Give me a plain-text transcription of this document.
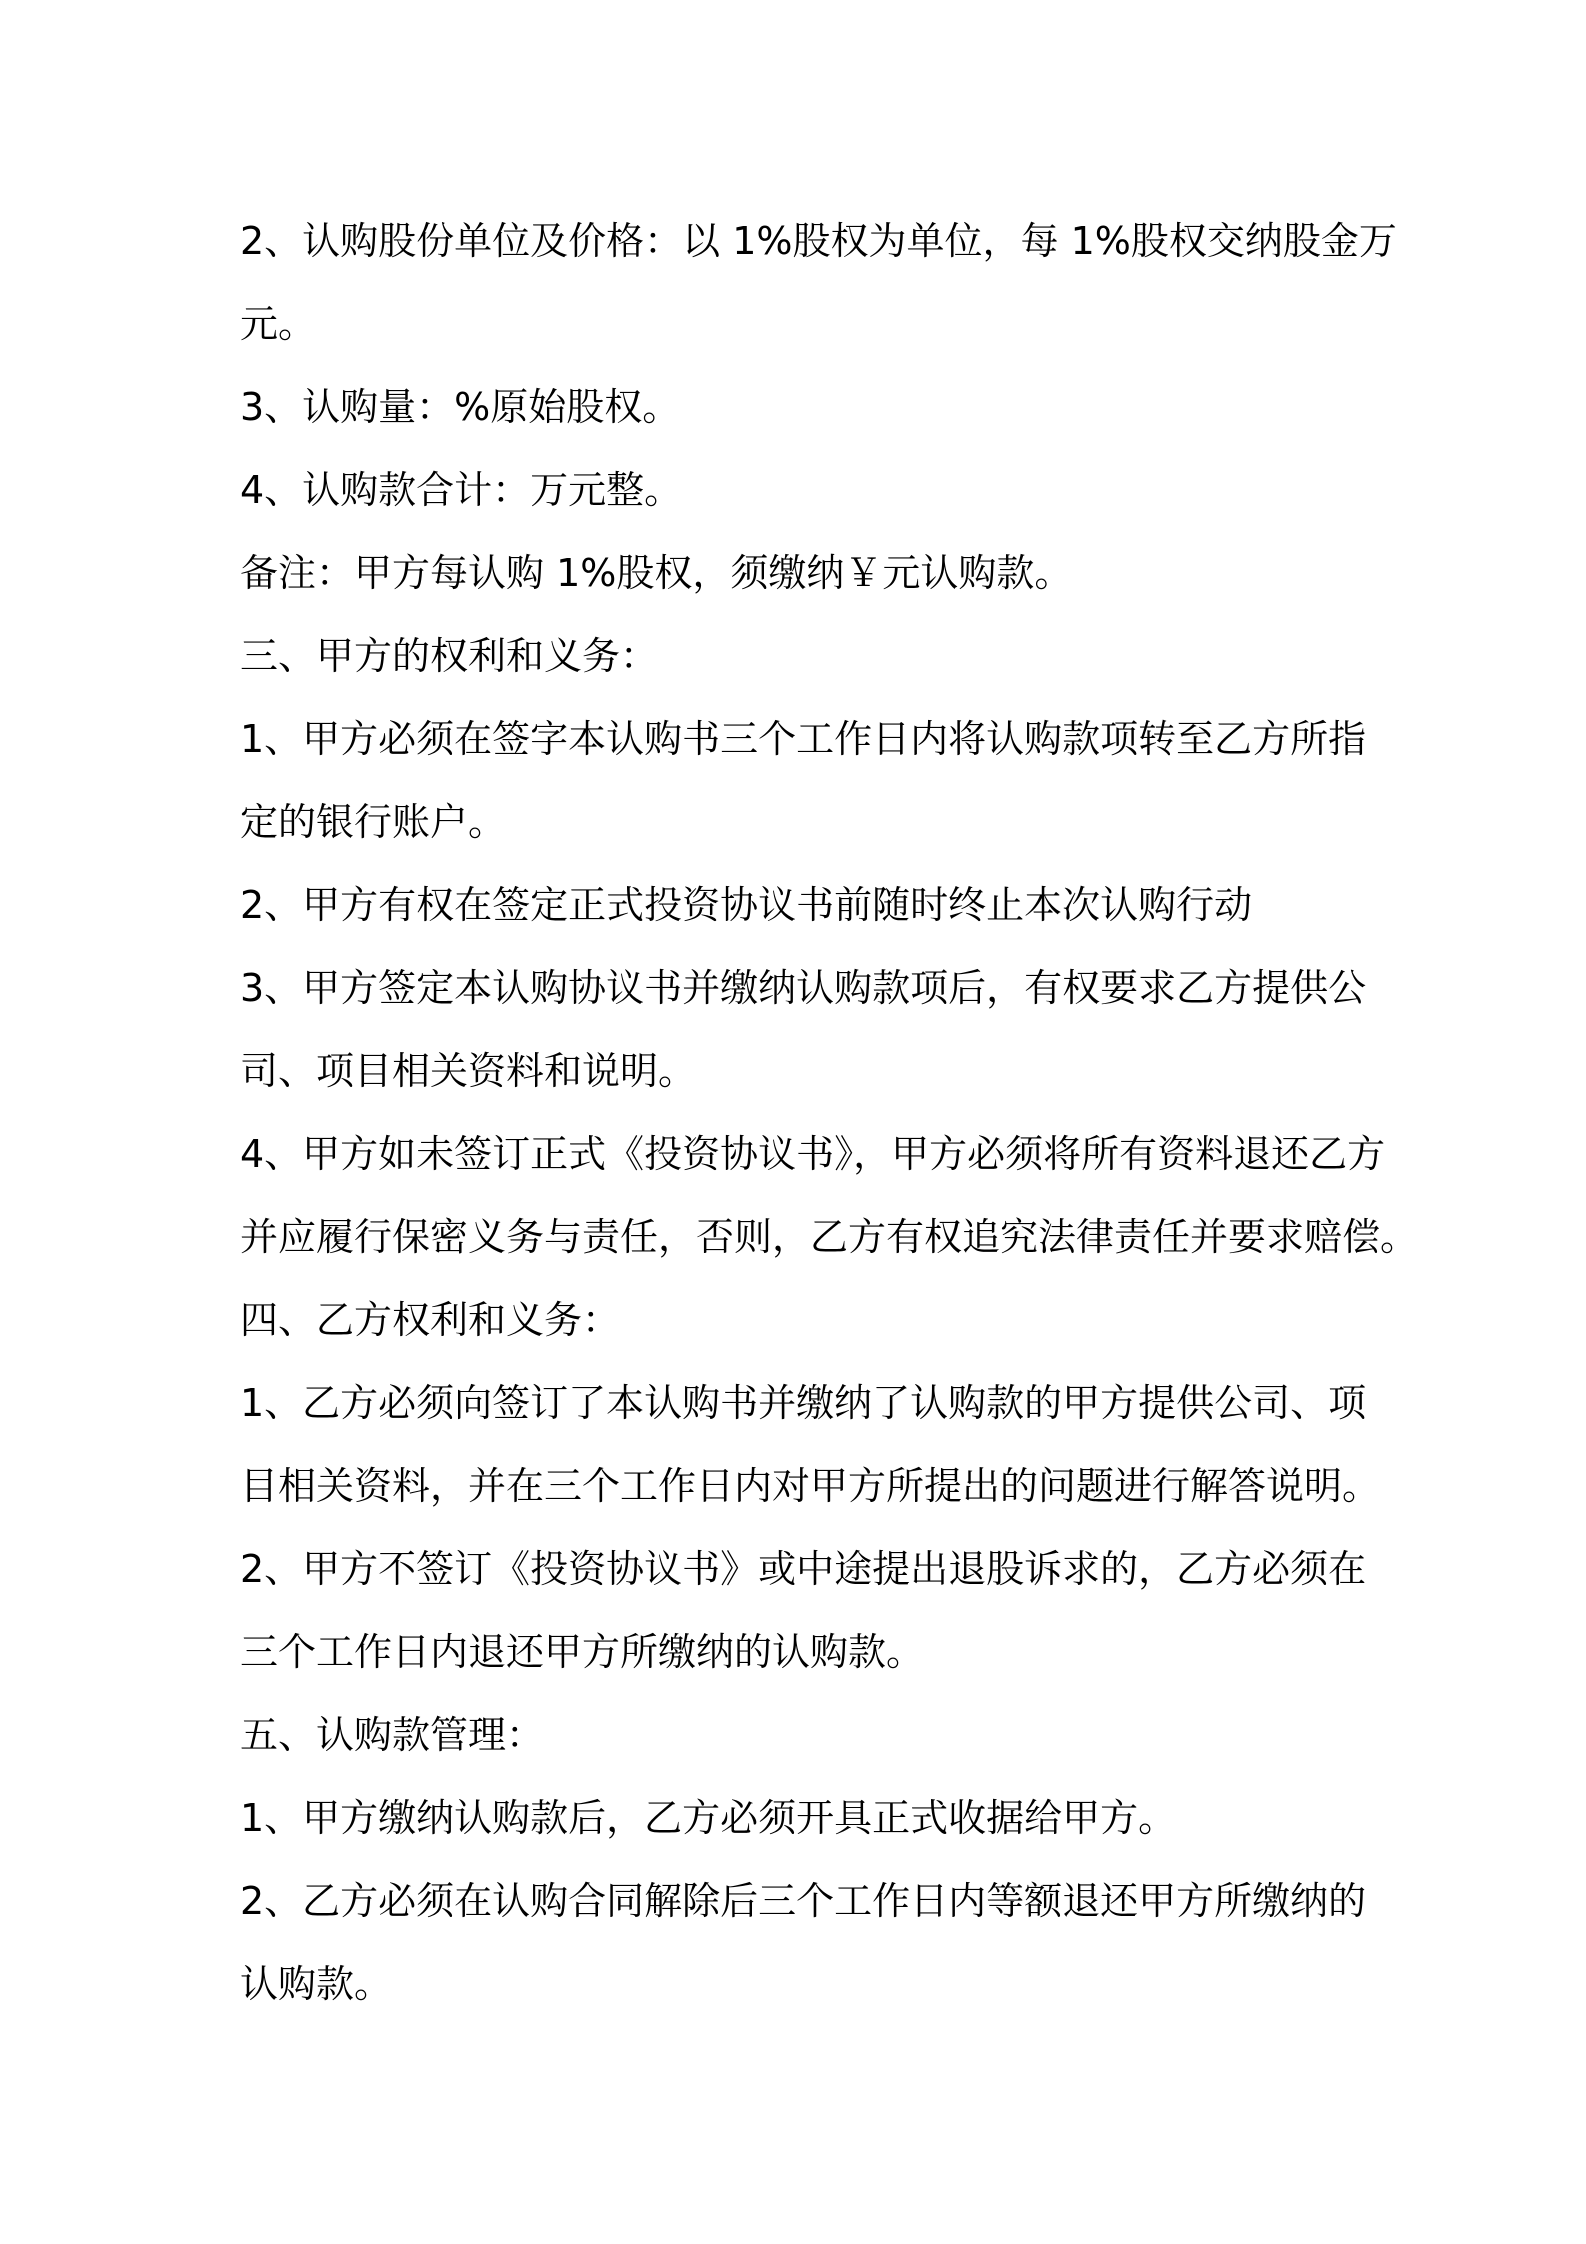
2、认购股份单位及价格：以 1%股权为单位，每 1%股权交纳股金万
元。
3、认购量：%原始股权。
4、认购款合计：万元整。
备注：甲方每认购 1%股权，须缴纳￥元认购款。
三、甲方的权利和义务：
1、甲方必须在签字本认购书三个工作日内将认购款项转至乙方所指
定的银行账户。
2、甲方有权在签定正式投资协议书前随时终止本次认购行动
3、甲方签定本认购协议书并缴纳认购款项后，有权要求乙方提供公
司、项目相关资料和说明。
4、甲方如未签订正式《投资协议书》，甲方必须将所有资料退还乙方
并应履行保密义务与责任，否则，乙方有权追究法律责任并要求赔偿。
四、乙方权利和义务：
1、乙方必须向签订了本认购书并缴纳了认购款的甲方提供公司、项
目相关资料，并在三个工作日内对甲方所提出的问题进行解答说明。
2、甲方不签订《投资协议书》或中途提出退股诉求的，乙方必须在
三个工作日内退还甲方所缴纳的认购款。
五、认购款管理：
1、甲方缴纳认购款后，乙方必须开具正式收据给甲方。
2、乙方必须在认购合同解除后三个工作日内等额退还甲方所缴纳的
认购款。
